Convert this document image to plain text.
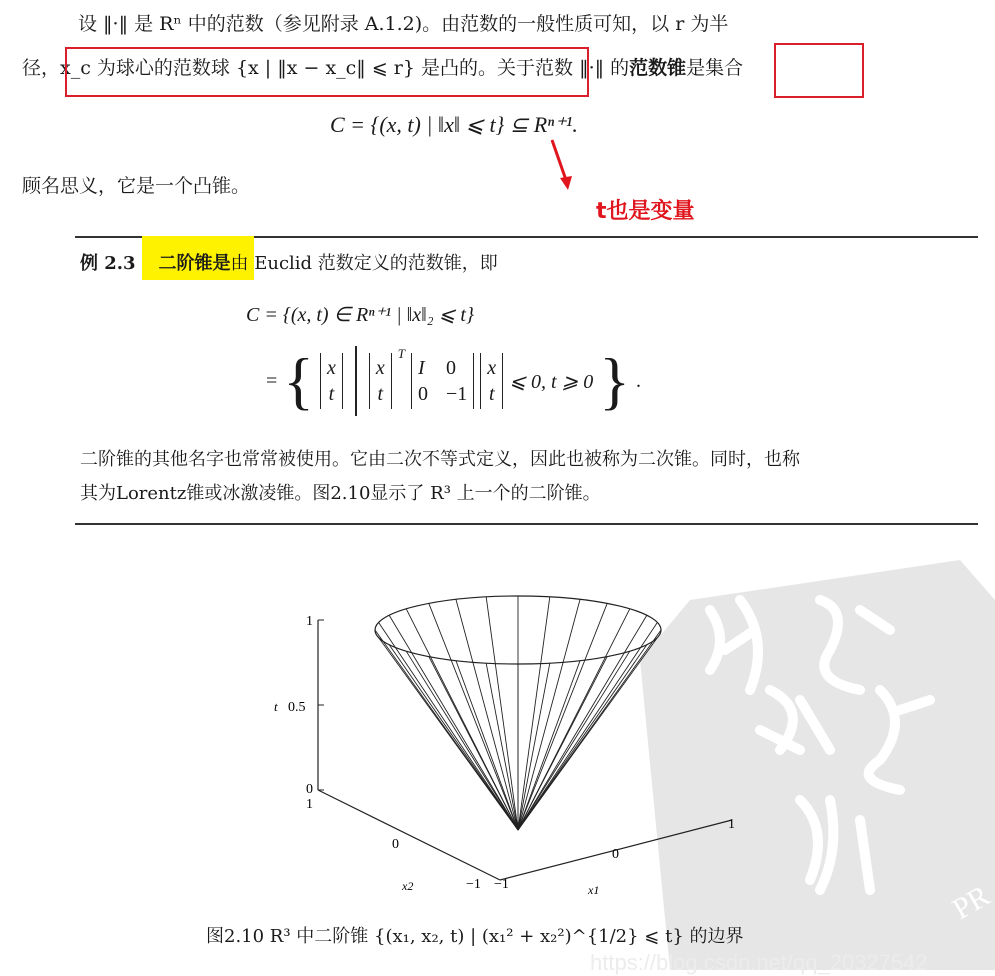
设 ‖·‖ 是 Rⁿ 中的范数（参见附录 A.1.2)。由范数的一般性质可知，以 r 为半
径，x_c 为球心的范数球 {x | ‖x − x_c‖ ⩽ r} 是凸的。关于范数 ‖·‖ 的范数锥是集合
C = {(x, t) | ‖x‖ ⩽ t} ⊆ Rⁿ⁺¹.
顾名思义，它是一个凸锥。
t也是变量
例 2.3 二阶锥是由 Euclid 范数定义的范数锥，即
C = {(x, t) ∈ Rⁿ⁺¹ | ‖x‖₂ ⩽ t}
= { x
t
x
t
$^T$
I 0
0 −1
x
t
⩽ 0, t ⩾ 0 } .
二阶锥的其他名字也常常被使用。它由二次不等式定义，因此也被称为二次锥。同时，也称
其为Lorentz锥或冰激凌锥。图2.10显示了 R³ 上一个的二阶锥。
PR
1
0.5
t
0
1
0
−1
x2	−1
0
1
x1
图2.10 R³ 中二阶锥 {(x₁, x₂, t) | (x₁² + x₂²)^{1/2} ⩽ t} 的边界
https://blog.csdn.net/qq_20327542
